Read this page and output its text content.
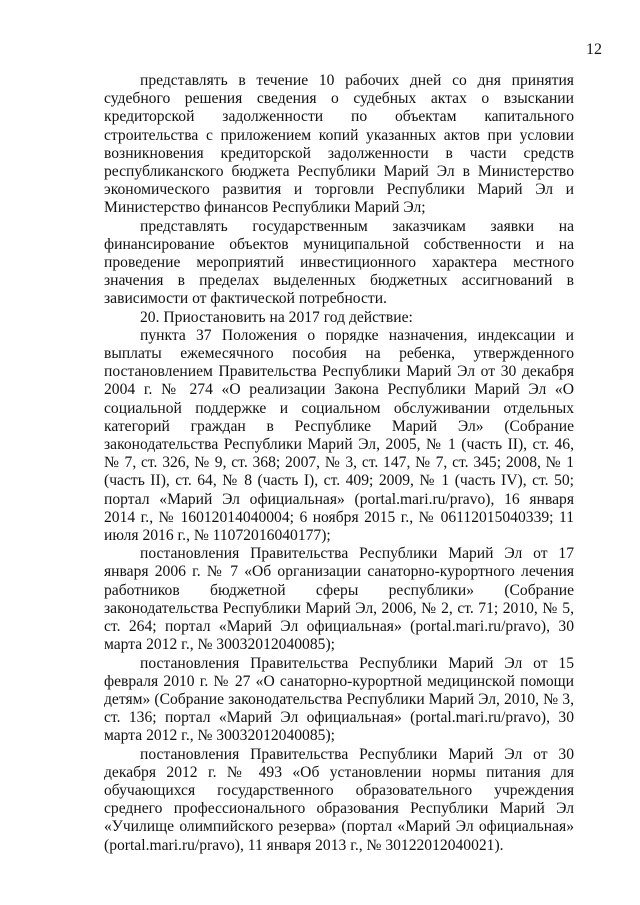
12

представлять в течение 10 рабочих дней со дня принятия судебного решения сведения о судебных актах о взыскании кредиторской задолженности по объектам капитального строительства с приложением копий указанных актов при условии возникновения кредиторской задолженности в части средств республиканского бюджета Республики Марий Эл в Министерство экономического развития и торговли Республики Марий Эл и Министерство финансов Республики Марий Эл;

представлять государственным заказчикам заявки на финансирование объектов муниципальной собственности и на проведение мероприятий инвестиционного характера местного значения в пределах выделенных бюджетных ассигнований в зависимости от фактической потребности.

20. Приостановить на 2017 год действие:

пункта 37 Положения о порядке назначения, индексации и выплаты ежемесячного пособия на ребенка, утвержденного постановлением Правительства Республики Марий Эл от 30 декабря 2004 г. № 274 «О реализации Закона Республики Марий Эл «О социальной поддержке и социальном обслуживании отдельных категорий граждан в Республике Марий Эл» (Собрание законодательства Республики Марий Эл, 2005, № 1 (часть II), ст. 46, № 7, ст. 326, № 9, ст. 368; 2007, № 3, ст. 147, № 7, ст. 345; 2008, № 1 (часть II), ст. 64, № 8 (часть I), ст. 409; 2009, № 1 (часть IV), ст. 50; портал «Марий Эл официальная» (portal.mari.ru/pravo), 16 января 2014 г., № 16012014040004; 6 ноября 2015 г., № 06112015040339; 11 июля 2016 г., № 11072016040177);

постановления Правительства Республики Марий Эл от 17 января 2006 г. № 7 «Об организации санаторно-курортного лечения работников бюджетной сферы республики» (Собрание законодательства Республики Марий Эл, 2006, № 2, ст. 71; 2010, № 5, ст. 264; портал «Марий Эл официальная» (portal.mari.ru/pravo), 30 марта 2012 г., № 30032012040085);

постановления Правительства Республики Марий Эл от 15 февраля 2010 г. № 27 «О санаторно-курортной медицинской помощи детям» (Собрание законодательства Республики Марий Эл, 2010, № 3, ст. 136; портал «Марий Эл официальная» (portal.mari.ru/pravo), 30 марта 2012 г., № 30032012040085);

постановления Правительства Республики Марий Эл от 30 декабря 2012 г. № 493 «Об установлении нормы питания для обучающихся государственного образовательного учреждения среднего профессионального образования Республики Марий Эл «Училище олимпийского резерва» (портал «Марий Эл официальная» (portal.mari.ru/pravo), 11 января 2013 г., № 30122012040021).
